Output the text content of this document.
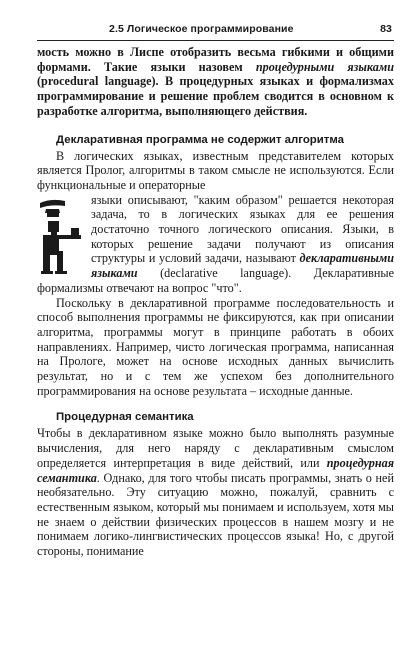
2.5 Логическое программирование	83

мость можно в Лиспе отобразить весьма гибкими и общими формами. Такие языки назовем процедурными языками (procedural language). В процедурных языках и формализмах программирование и решение проблем сводится в основном к разработке алгоритма, выполняющего действия.

Декларативная программа не содержит алгоритма

В логических языках, известным представителем которых является Пролог, алгоритмы в таком смысле не используются. Если функциональные и операторные

языки описывают, "каким образом" решается некоторая задача, то в логических языках для ее решения достаточно точного логического описания. Языки, в которых решение задачи получают из описания структуры и условий задачи, называют декларативными языками (declarative language). Декларативные формализмы отвечают на вопрос "что".

Поскольку в декларативной программе последовательность и способ выполнения программы не фиксируются, как при описании алгоритма, программы могут в принципе работать в обоих направлениях. Например, чисто логическая программа, написанная на Прологе, может на основе исходных данных вычислить результат, но и с тем же успехом без дополнительного программирования на основе результата – исходные данные.

Процедурная семантика

Чтобы в декларативном языке можно было выполнять разумные вычисления, для него наряду с декларативным смыслом определяется интерпретация в виде действий, или процедурная семантика. Однако, для того чтобы писать программы, знать о ней необязательно. Эту ситуацию можно, пожалуй, сравнить с естественным языком, который мы понимаем и используем, хотя мы не знаем о действии физических процессов в нашем мозгу и не понимаем логико-лингвистических процессов языка! Но, с другой стороны, понимание
